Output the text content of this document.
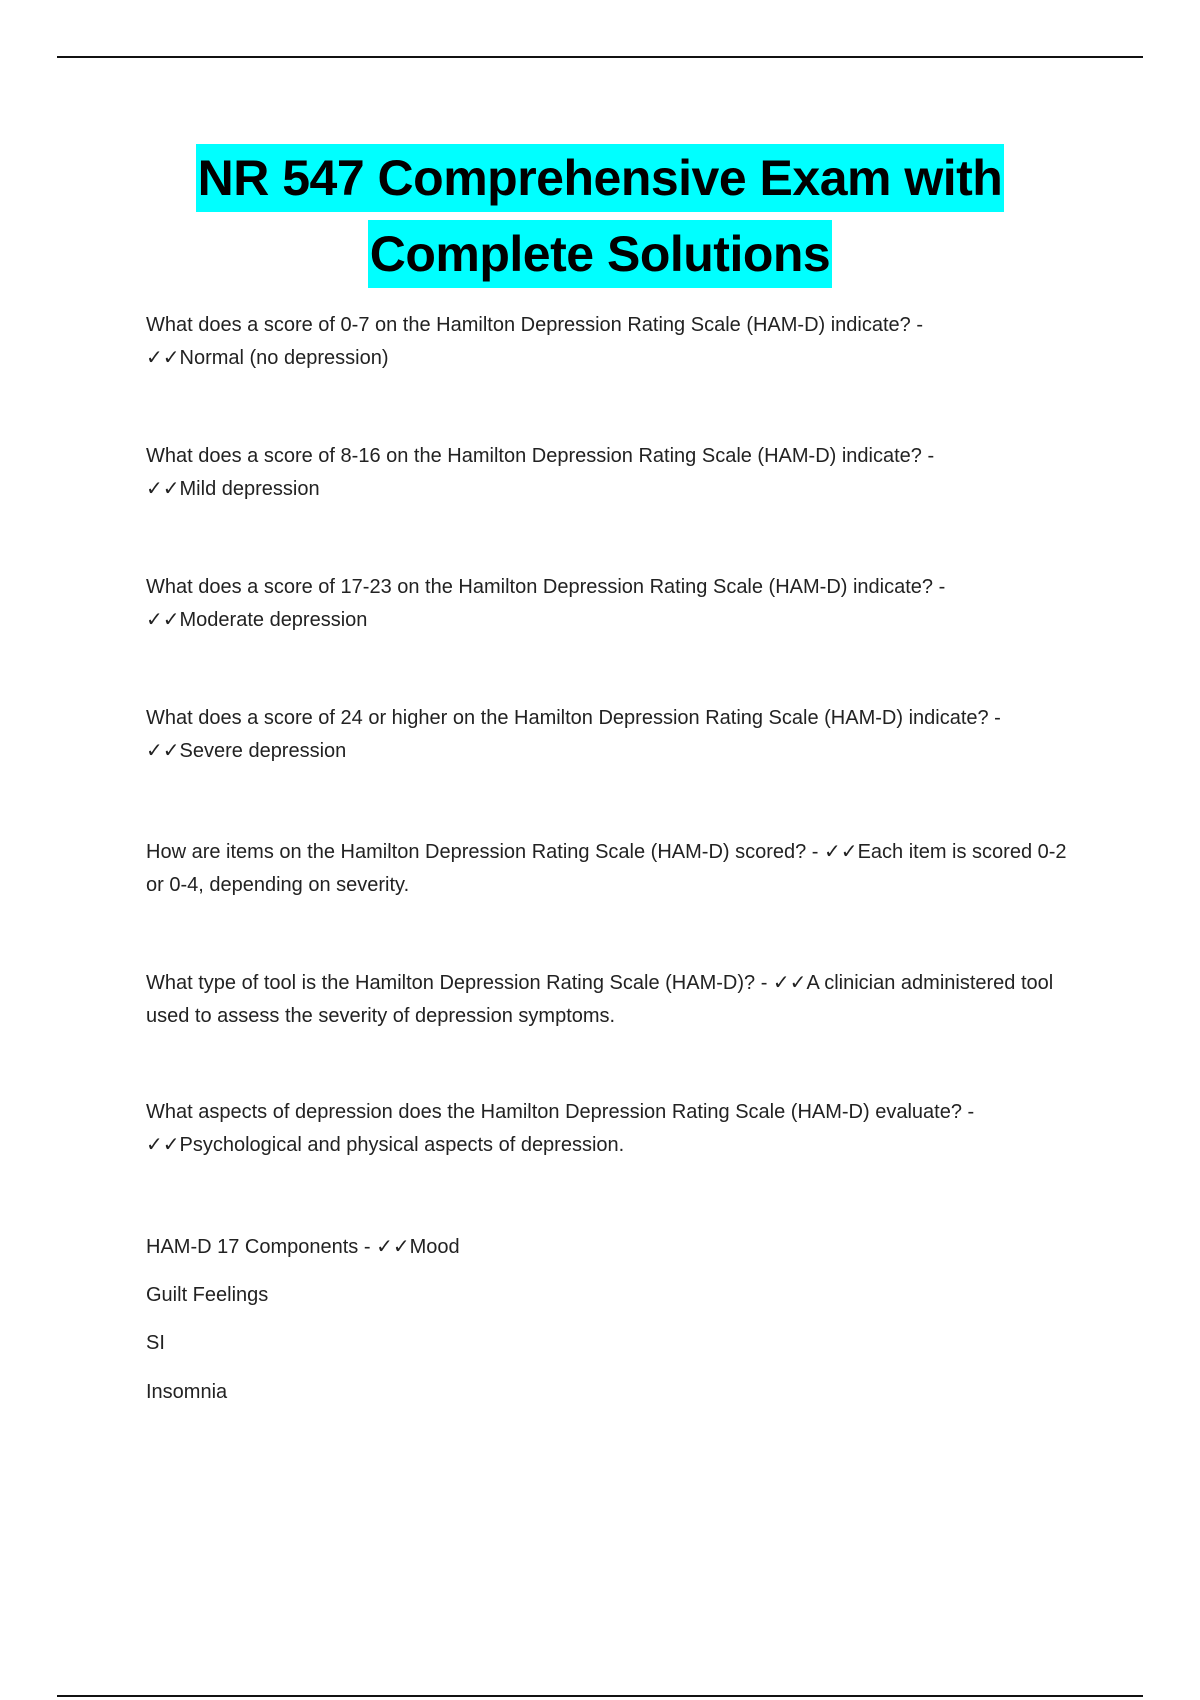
NR 547 Comprehensive Exam with
Complete Solutions

What does a score of 0-7 on the Hamilton Depression Rating Scale (HAM-D) indicate? -

✓✓Normal (no depression)

What does a score of 8-16 on the Hamilton Depression Rating Scale (HAM-D) indicate? -

✓✓Mild depression

What does a score of 17-23 on the Hamilton Depression Rating Scale (HAM-D) indicate? -

✓✓Moderate depression

What does a score of 24 or higher on the Hamilton Depression Rating Scale (HAM-D) indicate? -

✓✓Severe depression

How are items on the Hamilton Depression Rating Scale (HAM-D) scored? - ✓✓Each item is scored 0-2 or 0-4, depending on severity.

What type of tool is the Hamilton Depression Rating Scale (HAM-D)? - ✓✓A clinician administered tool used to assess the severity of depression symptoms.

What aspects of depression does the Hamilton Depression Rating Scale (HAM-D) evaluate? -

✓✓Psychological and physical aspects of depression.

HAM-D 17 Components - ✓✓Mood
Guilt Feelings
SI
Insomnia
